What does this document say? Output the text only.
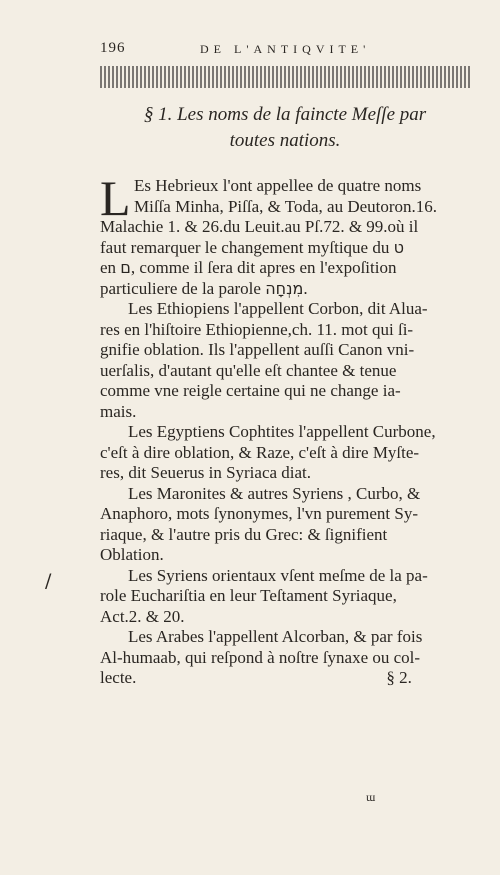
196	DE L'ANTIQVITE'
§ 1. Les noms de la faincte Meſſe par
toutes nations.
L Es Hebrieux l'ont appellee de quatre noms
Miſſa Minha, Piſſa, & Toda, au Deutoron.16.
Malachie 1. & 26.du Leuit.au Pſ.72. & 99.où il
faut remarquer le changement myſtique du ט
en ם, comme il ſera dit apres en l'expoſition
particuliere de la parole מִנְחָה.
Les Ethiopiens l'appellent Corbon, dit Alua-
res en l'hiſtoire Ethiopienne,ch. 11. mot qui ſi-
gnifie oblation. Ils l'appellent auſſi Canon vni-
uerſalis, d'autant qu'elle eſt chantee & tenue
comme vne reigle certaine qui ne change ia-
mais.
Les Egyptiens Cophtites l'appellent Curbone,
c'eſt à dire oblation, & Raze, c'eſt à dire Myſte-
res, dit Seuerus in Syriaca diat.
Les Maronites & autres Syriens , Curbo, &
Anaphoro, mots ſynonymes, l'vn purement Sy-
riaque, & l'autre pris du Grec: & ſignifient
Oblation.
Les Syriens orientaux vſent meſme de la pa-
role Euchariſtia en leur Teſtament Syriaque,
Act.2. & 20.
Les Arabes l'appellent Alcorban, & par fois
Al-humaab, qui reſpond à noſtre ſynaxe ou col-
lecte.	§ 2.
ɯ
/
